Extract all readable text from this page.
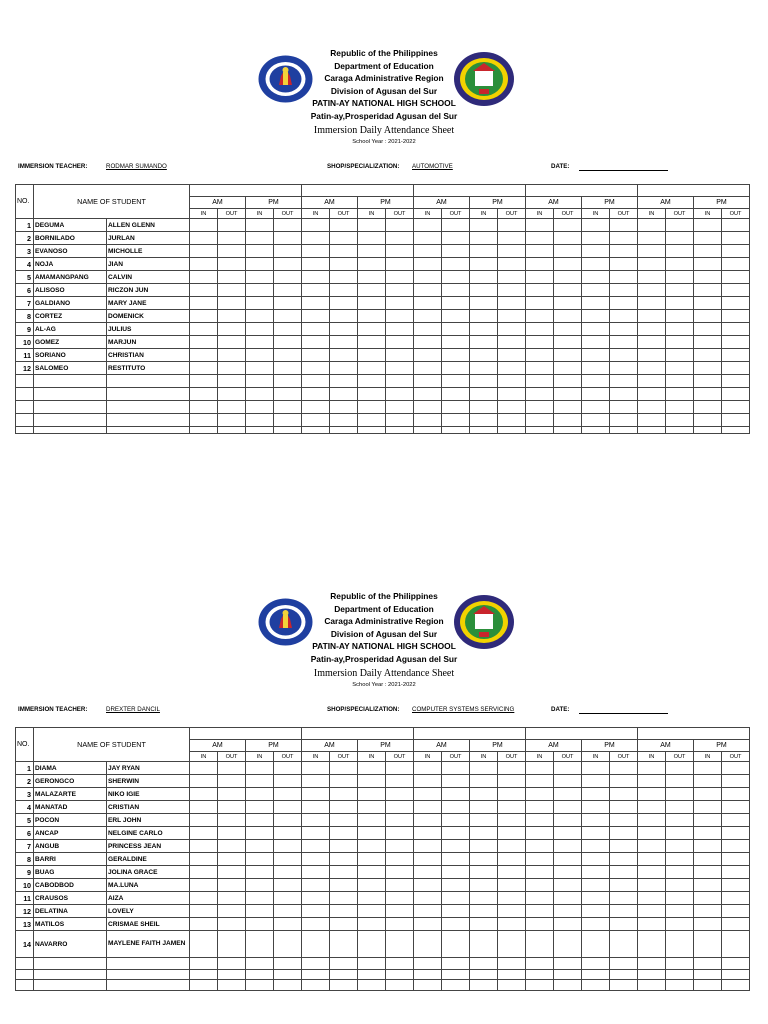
Republic of the Philippines
Department of Education
Caraga Administrative Region
Division of Agusan del Sur
PATIN-AY NATIONAL HIGH SCHOOL
Patin-ay,Prosperidad Agusan del Sur
Immersion Daily Attendance Sheet
School Year : 2021-2022
IMMERSION TEACHER:	RODMAR SUMANDO	SHOP/SPECIALIZATION: AUTOMOTIVE	DATE:
NO.	NAME OF STUDENT																					
			AM		PM		AM		PM		AM		PM		AM		PM		AM		PM	
			IN	OUT	IN	OUT	IN	OUT	IN	OUT	IN	OUT	IN	OUT	IN	OUT	IN	OUT	IN	OUT	IN	OUT
1	DEGUMA	ALLEN GLENN																				
2	BORNILADO	JURLAN																				
3	EVANOSO	MICHOLLE																				
4	NOJA	JIAN																				
5	AMAMANGPANG	CALVIN																				
6	ALISOSO	RICZON JUN																				
7	GALDIANO	MARY JANE																				
8	CORTEZ	DOMENICK																				
9	AL-AG	JULIUS																				
10	GOMEZ	MARJUN																				
11	SORIANO	CHRISTIAN																				
12	SALOMEO	RESTITUTO																				

Republic of the Philippines
Department of Education
Caraga Administrative Region
Division of Agusan del Sur
PATIN-AY NATIONAL HIGH SCHOOL
Patin-ay,Prosperidad Agusan del Sur
Immersion Daily Attendance Sheet
School Year : 2021-2022
IMMERSION TEACHER:	DREXTER DANCIL	SHOP/SPECIALIZATION: COMPUTER SYSTEMS SERVICING	DATE:
NO.	NAME OF STUDENT																					
			AM		PM		AM		PM		AM		PM		AM		PM		AM		PM	
			IN	OUT	IN	OUT	IN	OUT	IN	OUT	IN	OUT	IN	OUT	IN	OUT	IN	OUT	IN	OUT	IN	OUT
1	DIAMA	JAY RYAN																				
2	GERONGCO	SHERWIN																				
3	MALAZARTE	NIKO IGIE																				
4	MANATAD	CRISTIAN																				
5	POCON	ERL JOHN																				
6	ANCAP	NELGINE CARLO																				
7	ANGUB	PRINCESS JEAN																				
8	BARRI	GERALDINE																				
9	BUAG	JOLINA GRACE																				
10	CABODBOD	MA.LUNA																				
11	CRAUSOS	AIZA																				
12	DELATINA	LOVELY																				
13	MATILOS	CRISMAE SHEIL																				
14	NAVARRO	MAYLENE FAITH JAMEN																				
